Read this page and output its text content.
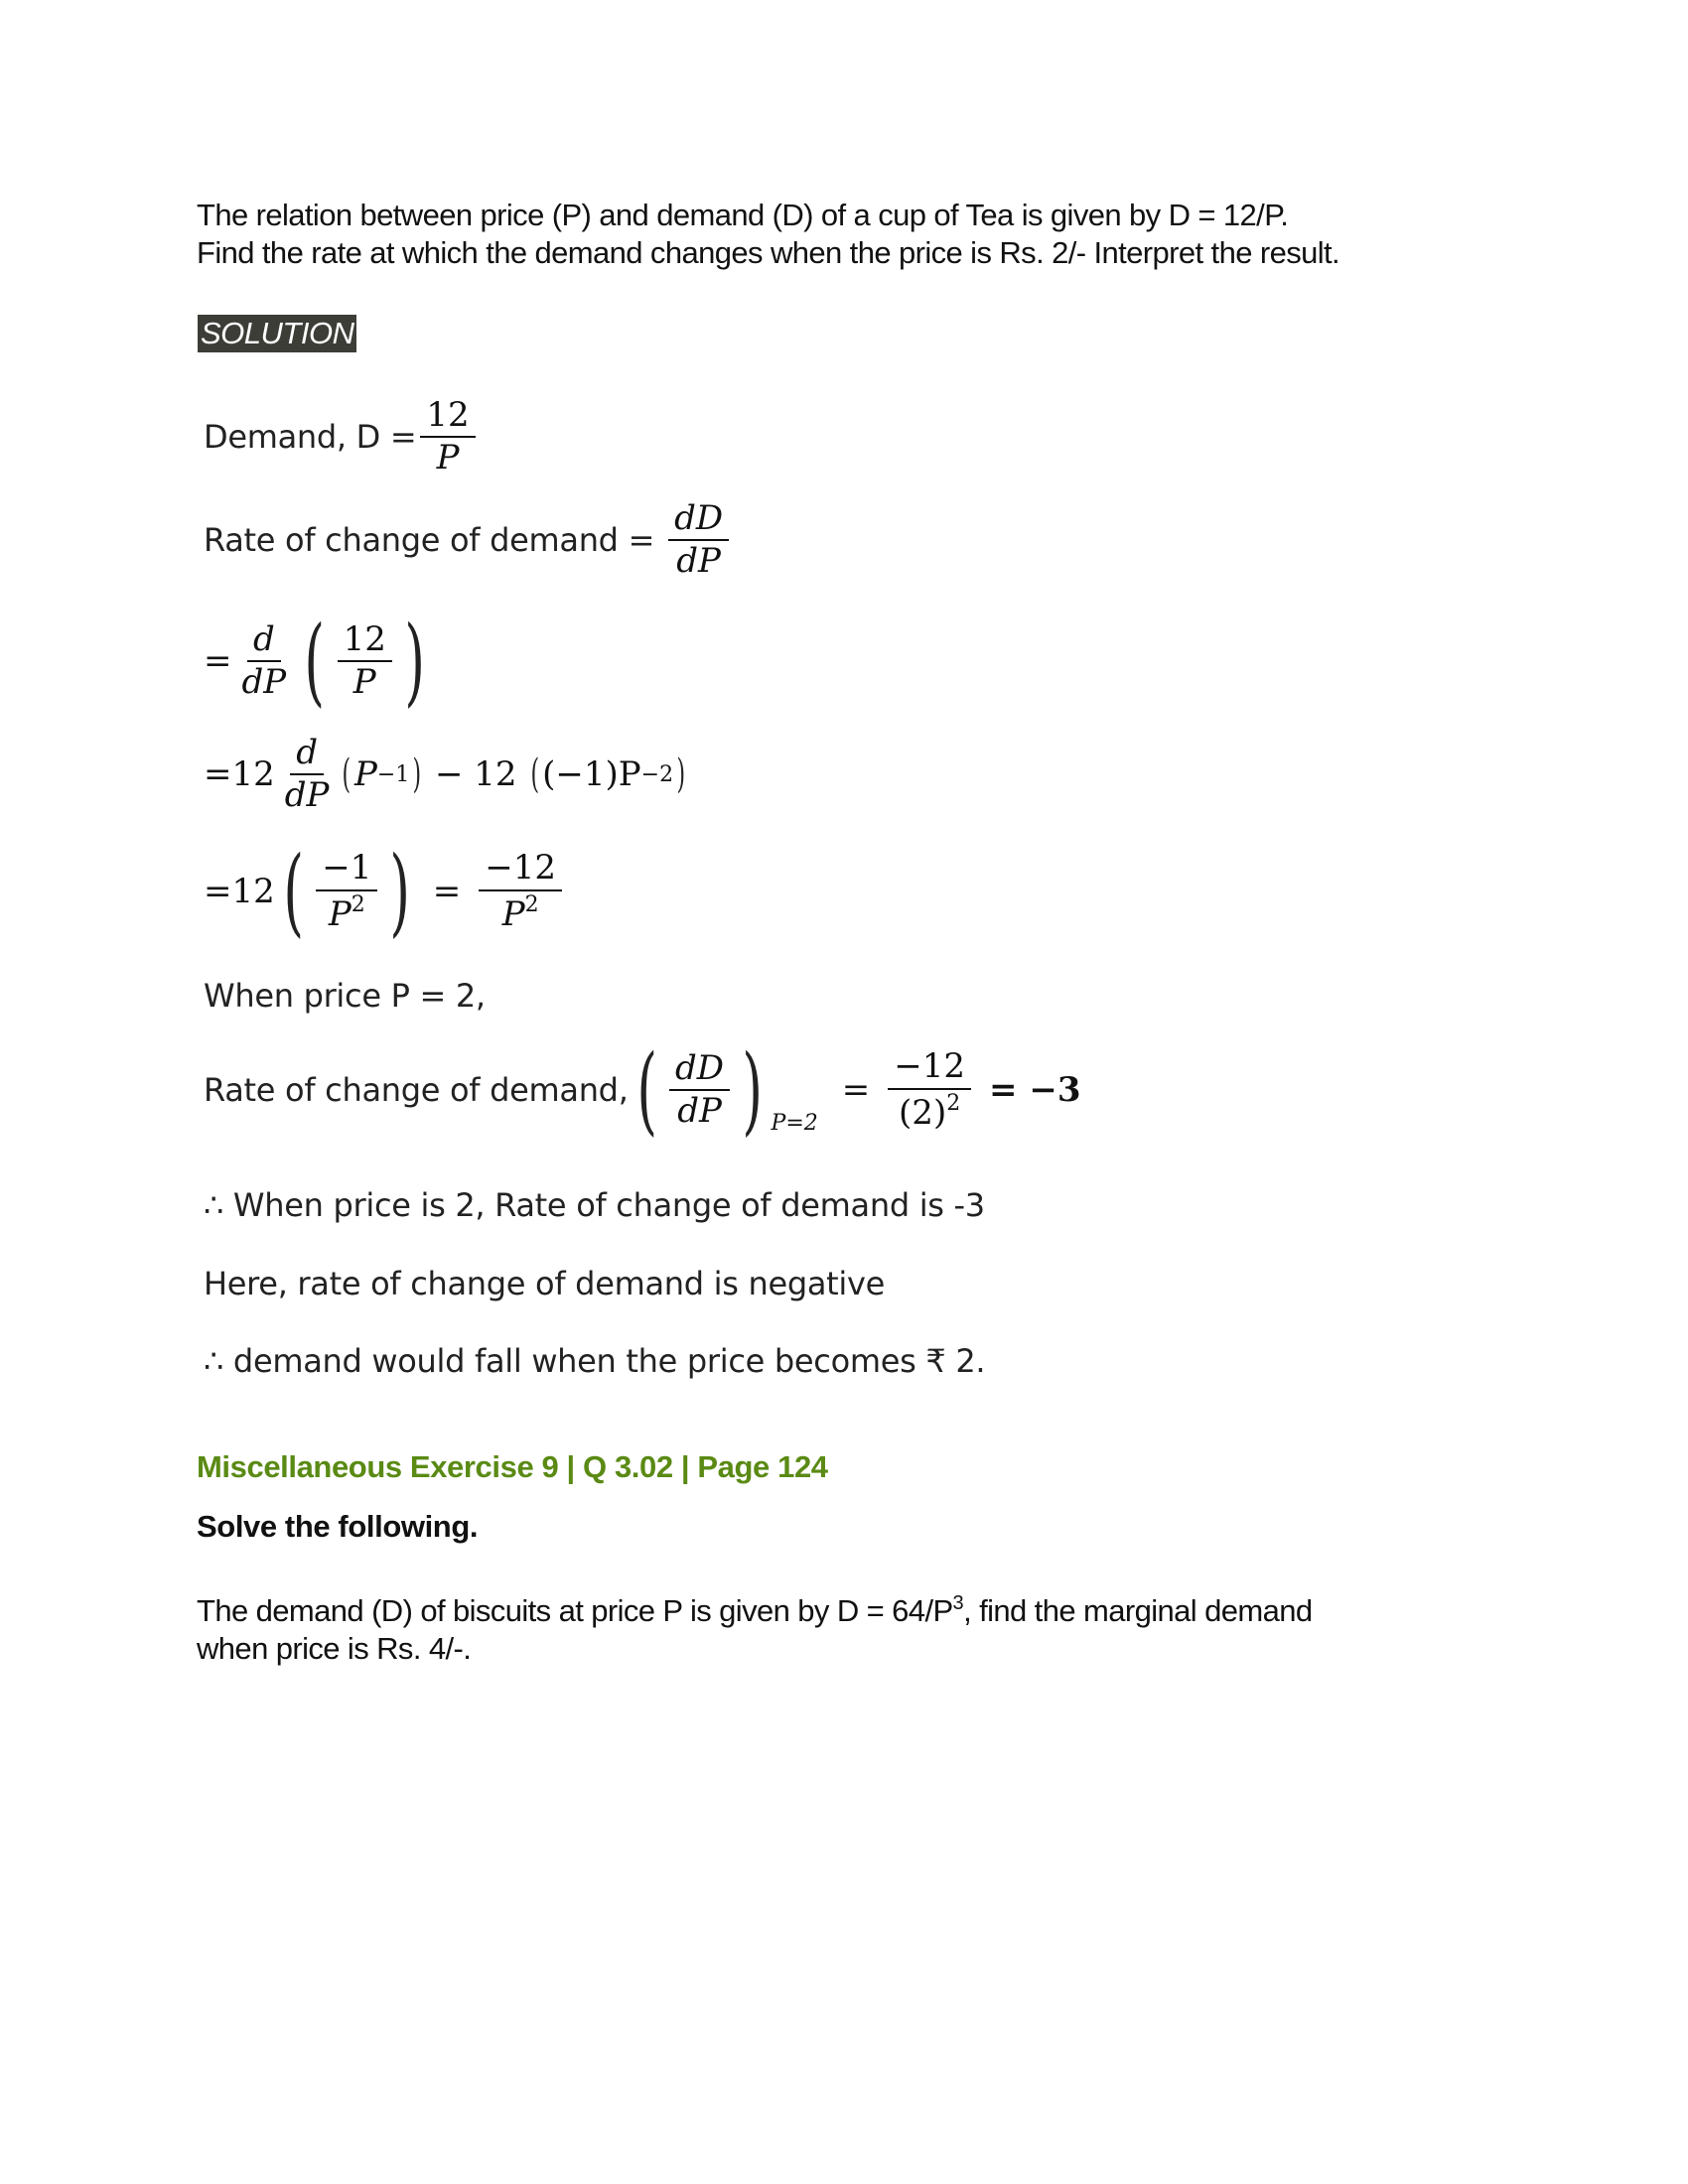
The relation between price (P) and demand (D) of a cup of Tea is given by D = 12/P.
Find the rate at which the demand changes when the price is Rs. 2/- Interpret the result.
SOLUTION
Demand, $D = \frac{12}{P}$
Rate of change of demand = $\frac{dD}{dP}$
= $\frac{d}{dP}$ ( $\frac{12}{P}$ )
$=12 \frac{d}{dP}$ ( P −1 ) − 12 ( (−1)P −2 )
=12 ( $\frac{-1}{P^2}$ ) = $\frac{-12}{P^2}$
When price P = 2,
Rate of change of demand, ( $\frac{dD}{dP}$ ) P=2
= $\frac{-12}{(2)^2} = -3$
∴ When price is 2, Rate of change of demand is -3
Here, rate of change of demand is negative
∴ demand would fall when the price becomes ₹ 2.
Miscellaneous Exercise 9 | Q 3.02 | Page 124
Solve the following.
The demand (D) of biscuits at price P is given by $D = 64/P^3$, find the marginal demand
when price is Rs. 4/-.
